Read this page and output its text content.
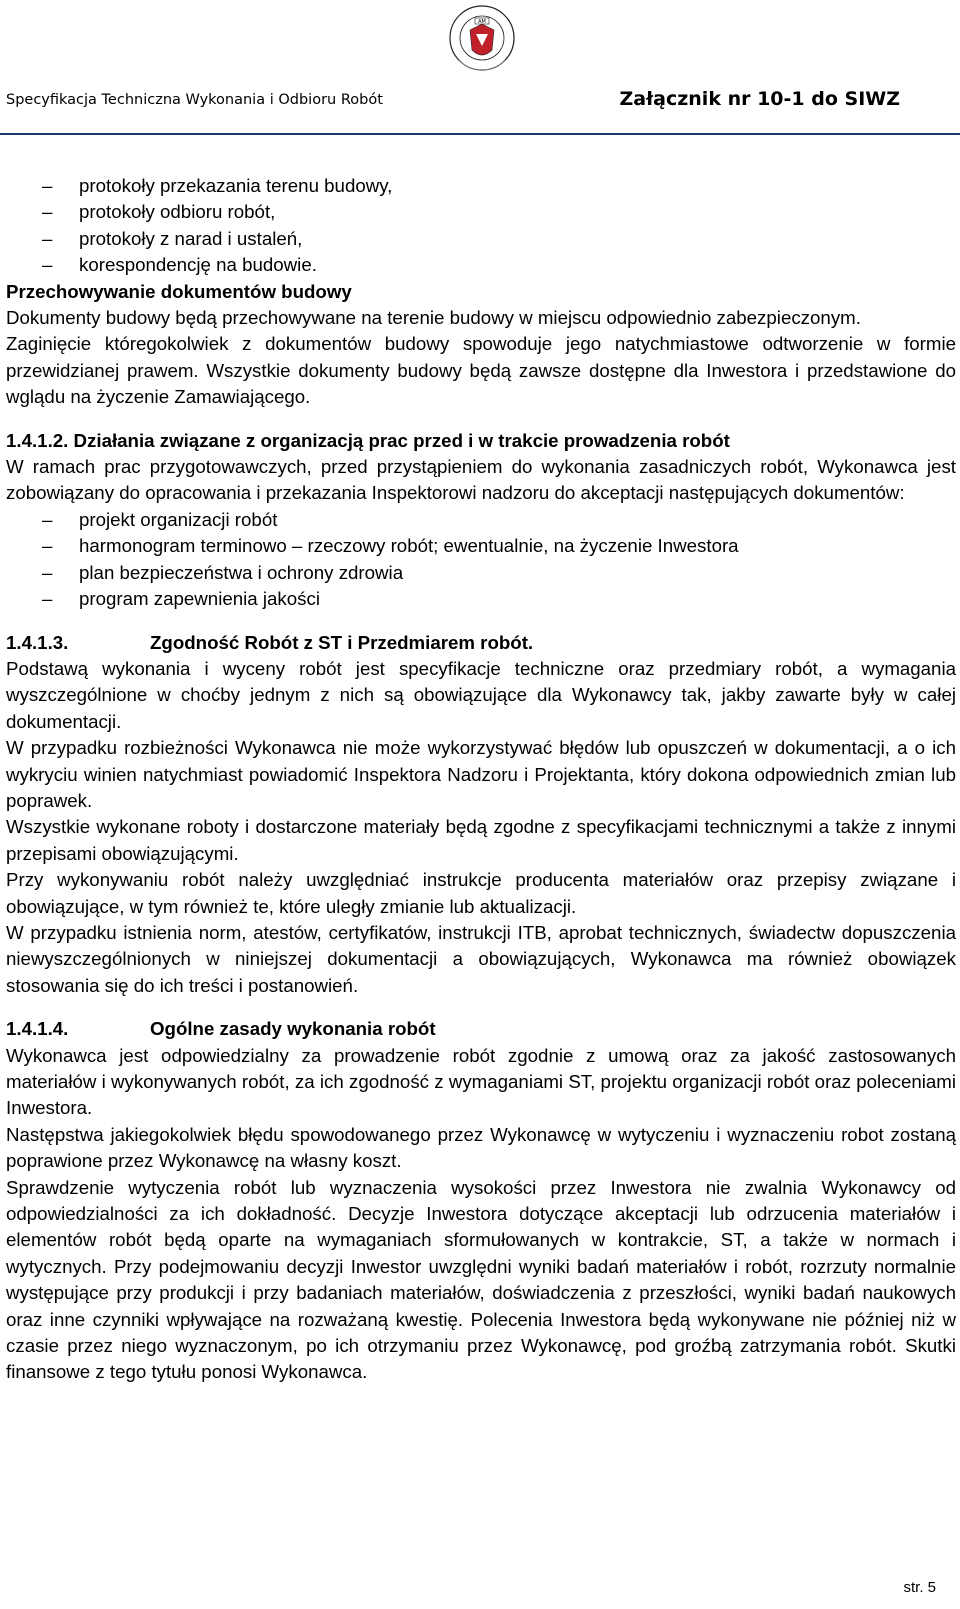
AM
Specyfikacja Techniczna Wykonania i Odbioru Robót	Załącznik nr 10-1 do SIWZ
– protokoły przekazania terenu budowy,
– protokoły odbioru robót,
– protokoły z narad i ustaleń,
– korespondencję na budowie.

Przechowywanie dokumentów budowy

Dokumenty budowy będą przechowywane na terenie budowy w miejscu odpowiednio zabezpieczonym.

Zaginięcie któregokolwiek z dokumentów budowy spowoduje jego natychmiastowe odtworzenie w formie przewidzianej prawem. Wszystkie dokumenty budowy będą zawsze dostępne dla Inwestora i przedstawione do wglądu na życzenie Zamawiającego.

1.4.1.2. Działania związane z organizacją prac przed i w trakcie prowadzenia robót

W ramach prac przygotowawczych, przed przystąpieniem do wykonania zasadniczych robót, Wykonawca jest zobowiązany do opracowania i przekazania Inspektorowi nadzoru do akceptacji następujących dokumentów:

– projekt organizacji robót
– harmonogram terminowo – rzeczowy robót; ewentualnie, na życzenie Inwestora
– plan bezpieczeństwa i ochrony zdrowia
– program zapewnienia jakości

1.4.1.3.	Zgodność Robót z ST i Przedmiarem robót.

Podstawą wykonania i wyceny robót jest specyfikacje techniczne oraz przedmiary robót, a wymagania wyszczególnione w choćby jednym z nich są obowiązujące dla Wykonawcy tak, jakby zawarte były w całej dokumentacji.

W przypadku rozbieżności Wykonawca nie może wykorzystywać błędów lub opuszczeń w dokumentacji, a o ich wykryciu winien natychmiast powiadomić Inspektora Nadzoru i Projektanta, który dokona odpowiednich zmian lub poprawek.

Wszystkie wykonane roboty i dostarczone materiały będą zgodne z specyfikacjami technicznymi a także z innymi przepisami obowiązującymi.

Przy wykonywaniu robót należy uwzględniać instrukcje producenta materiałów oraz przepisy związane i obowiązujące, w tym również te, które uległy zmianie lub aktualizacji.

W przypadku istnienia norm, atestów, certyfikatów, instrukcji ITB, aprobat technicznych, świadectw dopuszczenia niewyszczególnionych w niniejszej dokumentacji a obowiązujących, Wykonawca ma również obowiązek stosowania się do ich treści i postanowień.

1.4.1.4.	Ogólne zasady wykonania robót

Wykonawca jest odpowiedzialny za prowadzenie robót zgodnie z umową oraz za jakość zastosowanych materiałów i wykonywanych robót, za ich zgodność z wymaganiami ST, projektu organizacji robót oraz poleceniami Inwestora.

Następstwa jakiegokolwiek błędu spowodowanego przez Wykonawcę w wytyczeniu i wyznaczeniu robot zostaną poprawione przez Wykonawcę na własny koszt.

Sprawdzenie wytyczenia robót lub wyznaczenia wysokości przez Inwestora nie zwalnia Wykonawcy od odpowiedzialności za ich dokładność. Decyzje Inwestora dotyczące akceptacji lub odrzucenia materiałów i elementów robót będą oparte na wymaganiach sformułowanych w kontrakcie, ST, a także w normach i wytycznych. Przy podejmowaniu decyzji Inwestor uwzględni wyniki badań materiałów i robót, rozrzuty normalnie występujące przy produkcji i przy badaniach materiałów, doświadczenia z przeszłości, wyniki badań naukowych oraz inne czynniki wpływające na rozważaną kwestię. Polecenia Inwestora będą wykonywane nie później niż w czasie przez niego wyznaczonym, po ich otrzymaniu przez Wykonawcę, pod groźbą zatrzymania robót. Skutki finansowe z tego tytułu ponosi Wykonawca.

str. 5
